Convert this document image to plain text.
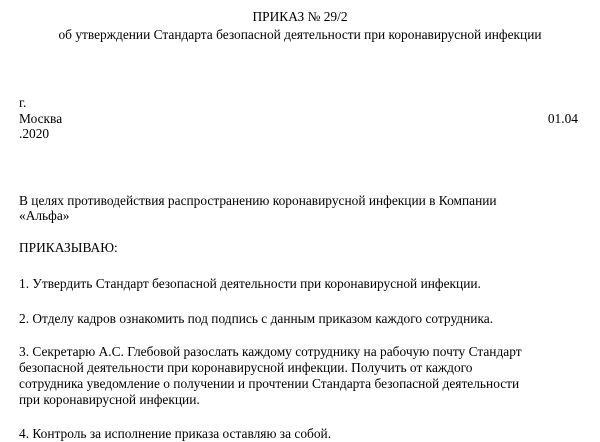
ПРИКАЗ № 29/2
об утверждении Стандарта безопасной деятельности при коронавирусной инфекции
г.
Москва	01.04
.2020
В целях противодействия распространению коронавирусной инфекции в Компании
«Альфа»
ПРИКАЗЫВАЮ:
1. Утвердить Стандарт безопасной деятельности при коронавирусной инфекции.
2. Отделу кадров ознакомить под подпись с данным приказом каждого сотрудника.
3. Секретарю А.С. Глебовой разослать каждому сотруднику на рабочую почту Стандарт
безопасной деятельности при коронавирусной инфекции. Получить от каждого
сотрудника уведомление о получении и прочтении Стандарта безопасной деятельности
при коронавирусной инфекции.
4. Контроль за исполнение приказа оставляю за собой.
